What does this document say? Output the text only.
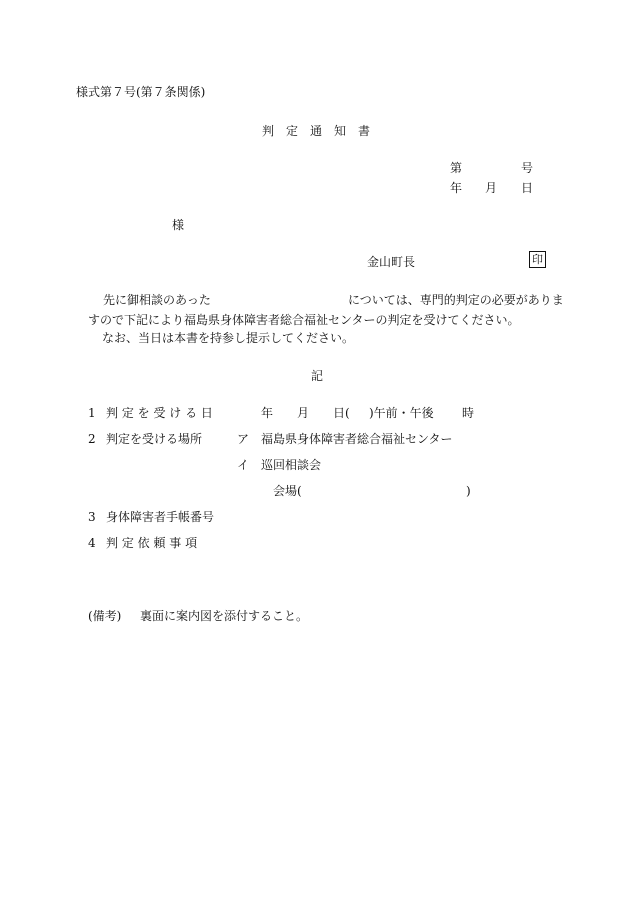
様式第７号(第７条関係)
判　定　通　知　書
第	号
年 月 日
様
金山町長	印
先に御相談のあった	については、専門的判定の必要がありま
すので下記により福島県身体障害者総合福祉センターの判定を受けてください。
なお、当日は本書を持参し提示してください。
記
1 判 定 を 受 け る 日	年 月 日( )午前・午後 時
2 判定を受ける場所	ア 福島県身体障害者総合福祉センター
イ 巡回相談会
会場(	)
3 身体障害者手帳番号
4 判 定 依 頼 事 項
(備考) 裏面に案内図を添付すること。
